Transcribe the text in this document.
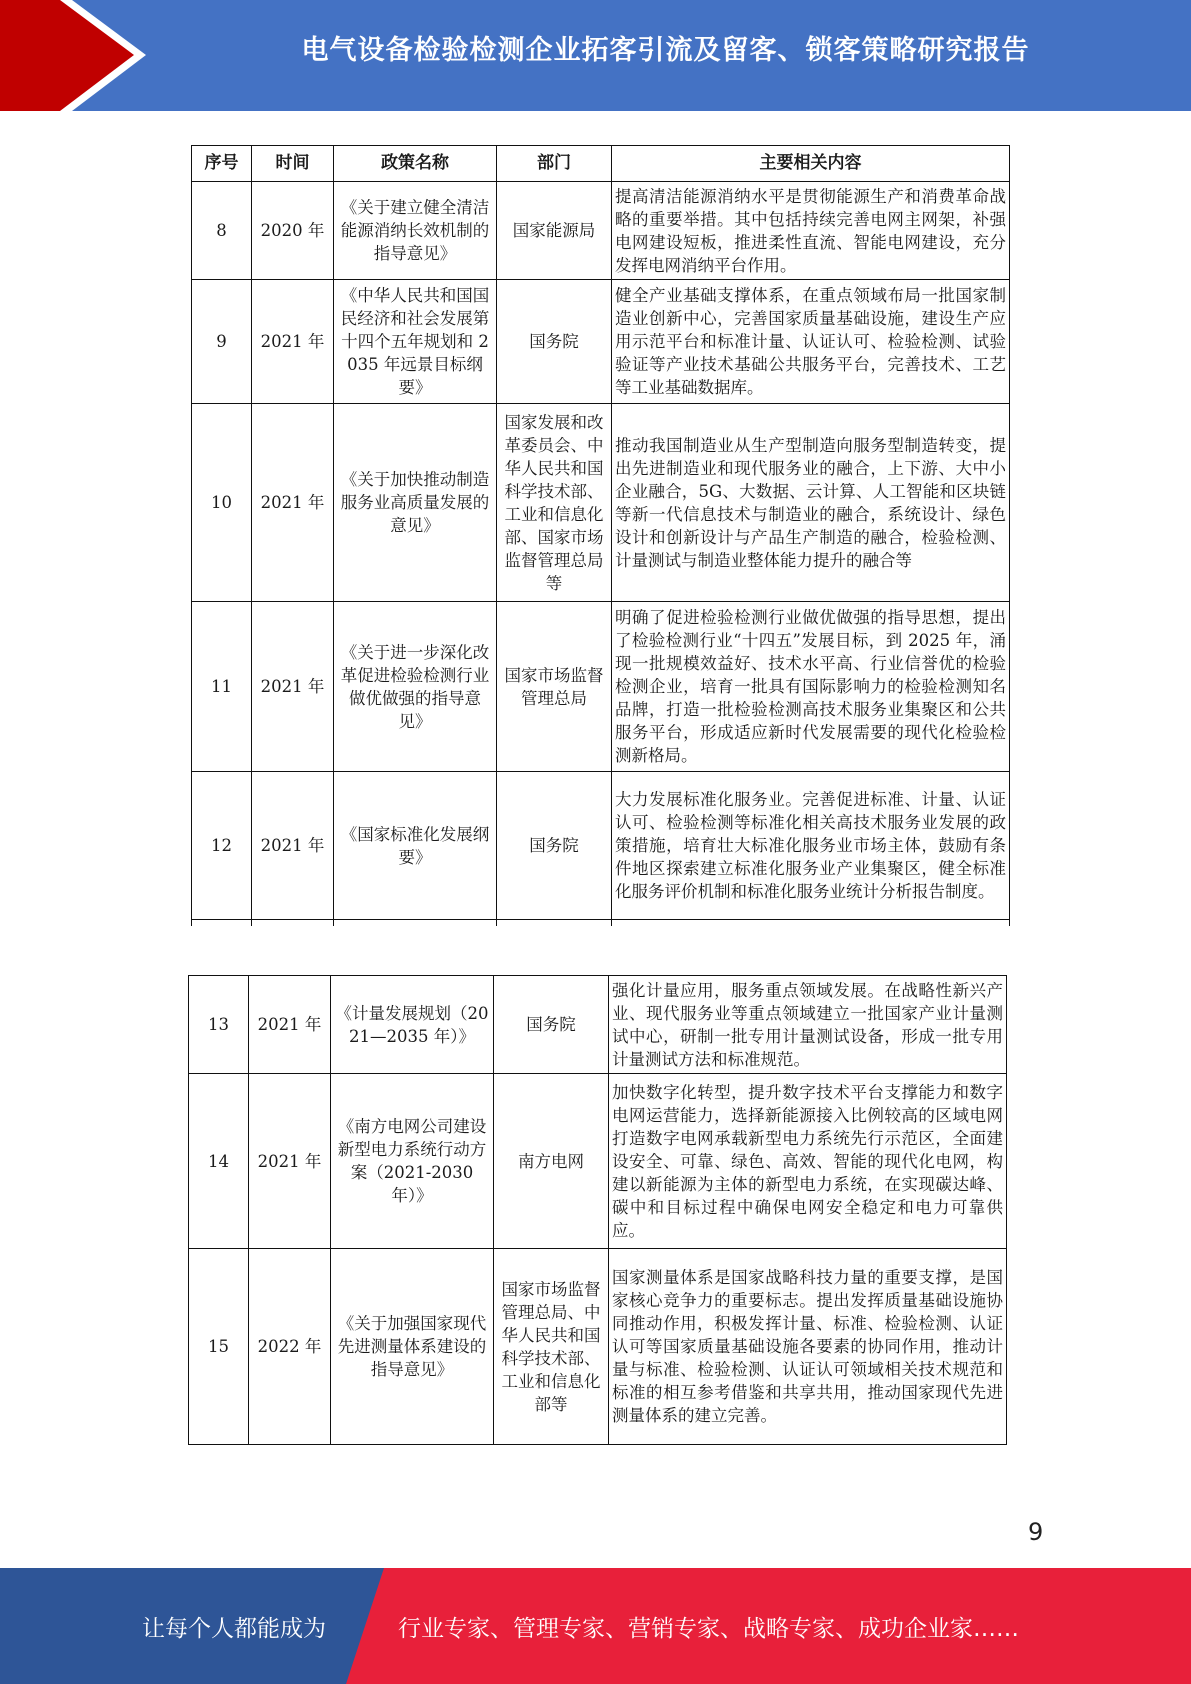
电气设备检验检测企业拓客引流及留客、锁客策略研究报告
序号	时间	政策名称	部门	主要相关内容
8	2020 年	《关于建立健全清洁能源消纳长效机制的指导意见》	国家能源局	提高清洁能源消纳水平是贯彻能源生产和消费革命战略的重要举措。其中包括持续完善电网主网架，补强电网建设短板，推进柔性直流、智能电网建设，充分发挥电网消纳平台作用。
9	2021 年	《中华人民共和国国民经济和社会发展第十四个五年规划和 2035 年远景目标纲要》	国务院	健全产业基础支撑体系，在重点领域布局一批国家制造业创新中心，完善国家质量基础设施，建设生产应用示范平台和标准计量、认证认可、检验检测、试验验证等产业技术基础公共服务平台，完善技术、工艺等工业基础数据库。
10	2021 年	《关于加快推动制造服务业高质量发展的意见》	国家发展和改革委员会、中华人民共和国科学技术部、工业和信息化部、国家市场监督管理总局等	推动我国制造业从生产型制造向服务型制造转变，提出先进制造业和现代服务业的融合，上下游、大中小企业融合，5G、大数据、云计算、人工智能和区块链等新一代信息技术与制造业的融合，系统设计、绿色设计和创新设计与产品生产制造的融合，检验检测、计量测试与制造业整体能力提升的融合等
11	2021 年	《关于进一步深化改革促进检验检测行业做优做强的指导意见》	国家市场监督管理总局	明确了促进检验检测行业做优做强的指导思想，提出了检验检测行业“十四五”发展目标，到 2025 年，涌现一批规模效益好、技术水平高、行业信誉优的检验检测企业，培育一批具有国际影响力的检验检测知名品牌，打造一批检验检测高技术服务业集聚区和公共服务平台，形成适应新时代发展需要的现代化检验检测新格局。
12	2021 年	《国家标准化发展纲要》	国务院	大力发展标准化服务业。完善促进标准、计量、认证认可、检验检测等标准化相关高技术服务业发展的政策措施，培育壮大标准化服务业市场主体，鼓励有条件地区探索建立标准化服务业产业集聚区，健全标准化服务评价机制和标准化服务业统计分析报告制度。

13	2021 年	《计量发展规划（2021—2035 年）》	国务院	强化计量应用，服务重点领域发展。在战略性新兴产业、现代服务业等重点领域建立一批国家产业计量测试中心，研制一批专用计量测试设备，形成一批专用计量测试方法和标准规范。
14	2021 年	《南方电网公司建设新型电力系统行动方案（2021-2030 年）》	南方电网	加快数字化转型，提升数字技术平台支撑能力和数字电网运营能力，选择新能源接入比例较高的区域电网打造数字电网承载新型电力系统先行示范区，全面建设安全、可靠、绿色、高效、智能的现代化电网，构建以新能源为主体的新型电力系统，在实现碳达峰、碳中和目标过程中确保电网安全稳定和电力可靠供应。
15	2022 年	《关于加强国家现代先进测量体系建设的指导意见》	国家市场监督管理总局、中华人民共和国科学技术部、工业和信息化部等	国家测量体系是国家战略科技力量的重要支撑，是国家核心竞争力的重要标志。提出发挥质量基础设施协同推动作用，积极发挥计量、标准、检验检测、认证认可等国家质量基础设施各要素的协同作用，推动计量与标准、检验检测、认证认可领域相关技术规范和标准的相互参考借鉴和共享共用，推动国家现代先进测量体系的建立完善。
9
让每个人都能成为	行业专家、管理专家、营销专家、战略专家、成功企业家……
